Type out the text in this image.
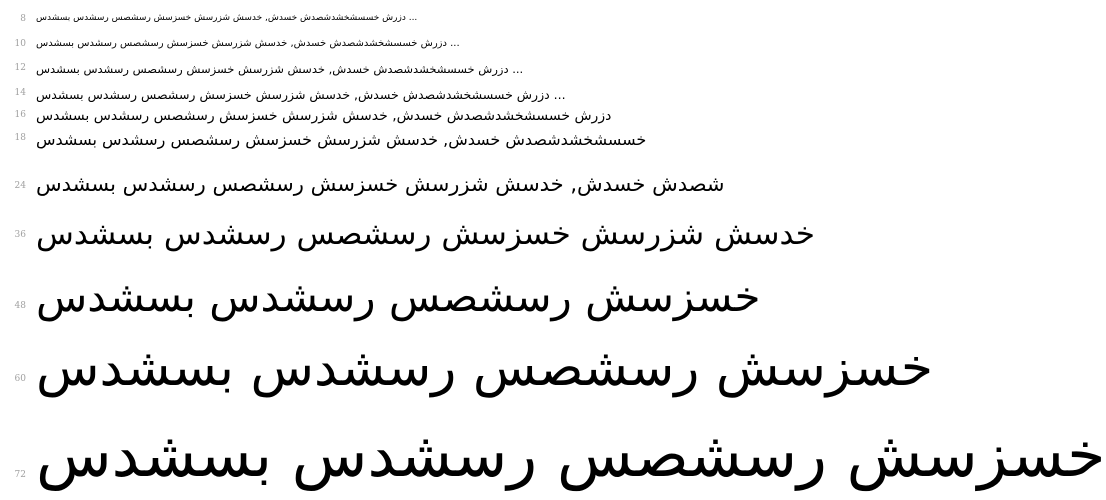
8 سدشسب سدشسر سصشسر شسزسخ شسرزش شسدخ ,شدسخ شدصشدشخشسسخ شرزد ...
10 سدشسب سدشسر سصشسر شسزسخ شسرزش شسدخ ,شدسخ شدصشدشخشسسخ شرزد ...
12 سدشسب سدشسر سصشسر شسزسخ شسرزش شسدخ ,شدسخ شدصشدشخشسسخ شرزد ...
14 سدشسب سدشسر سصشسر شسزسخ شسرزش شسدخ ,شدسخ شدصشدشخشسسخ شرزد ...
16 سدشسب سدشسر سصشسر شسزسخ شسرزش شسدخ ,شدسخ شدصشدشخشسسخ شرزد
18 سدشسب سدشسر سصشسر شسزسخ شسرزش شسدخ ,شدسخ شدصشدشخشسسخ
24 سدشسب سدشسر سصشسر شسزسخ شسرزش شسدخ ,شدسخ شدصش
36 سدشسب سدشسر سصشسر شسزسخ شسرزش شسدخ
48 سدشسب سدشسر سصشسر شسزسخ
60 سدشسب سدشسر سصشسر شسزسخ
72 سدشسب سدشسر سصشسر شسزسخ
